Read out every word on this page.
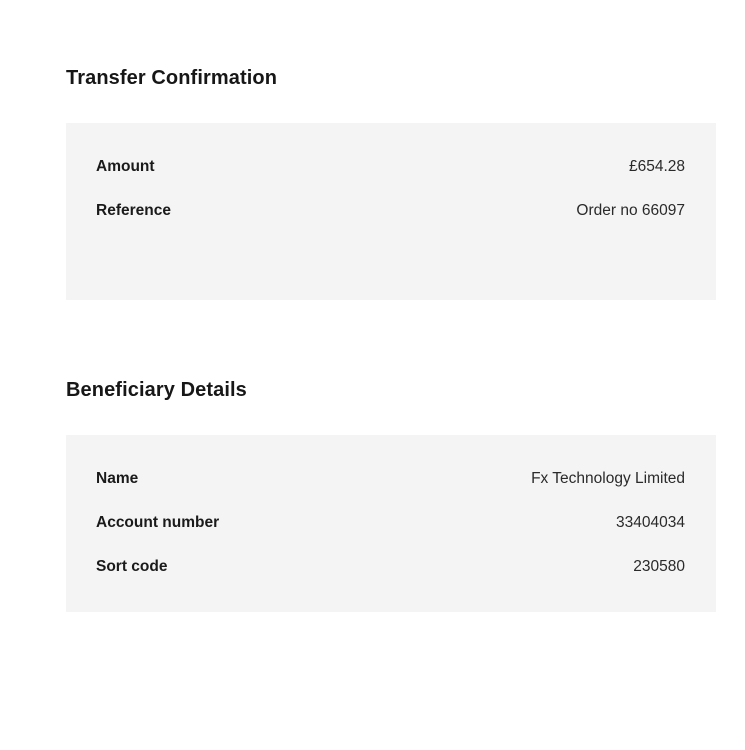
Transfer Confirmation
Amount	£654.28
Reference	Order no 66097
Beneficiary Details
Name	Fx Technology Limited
Account number	33404034
Sort code	230580
